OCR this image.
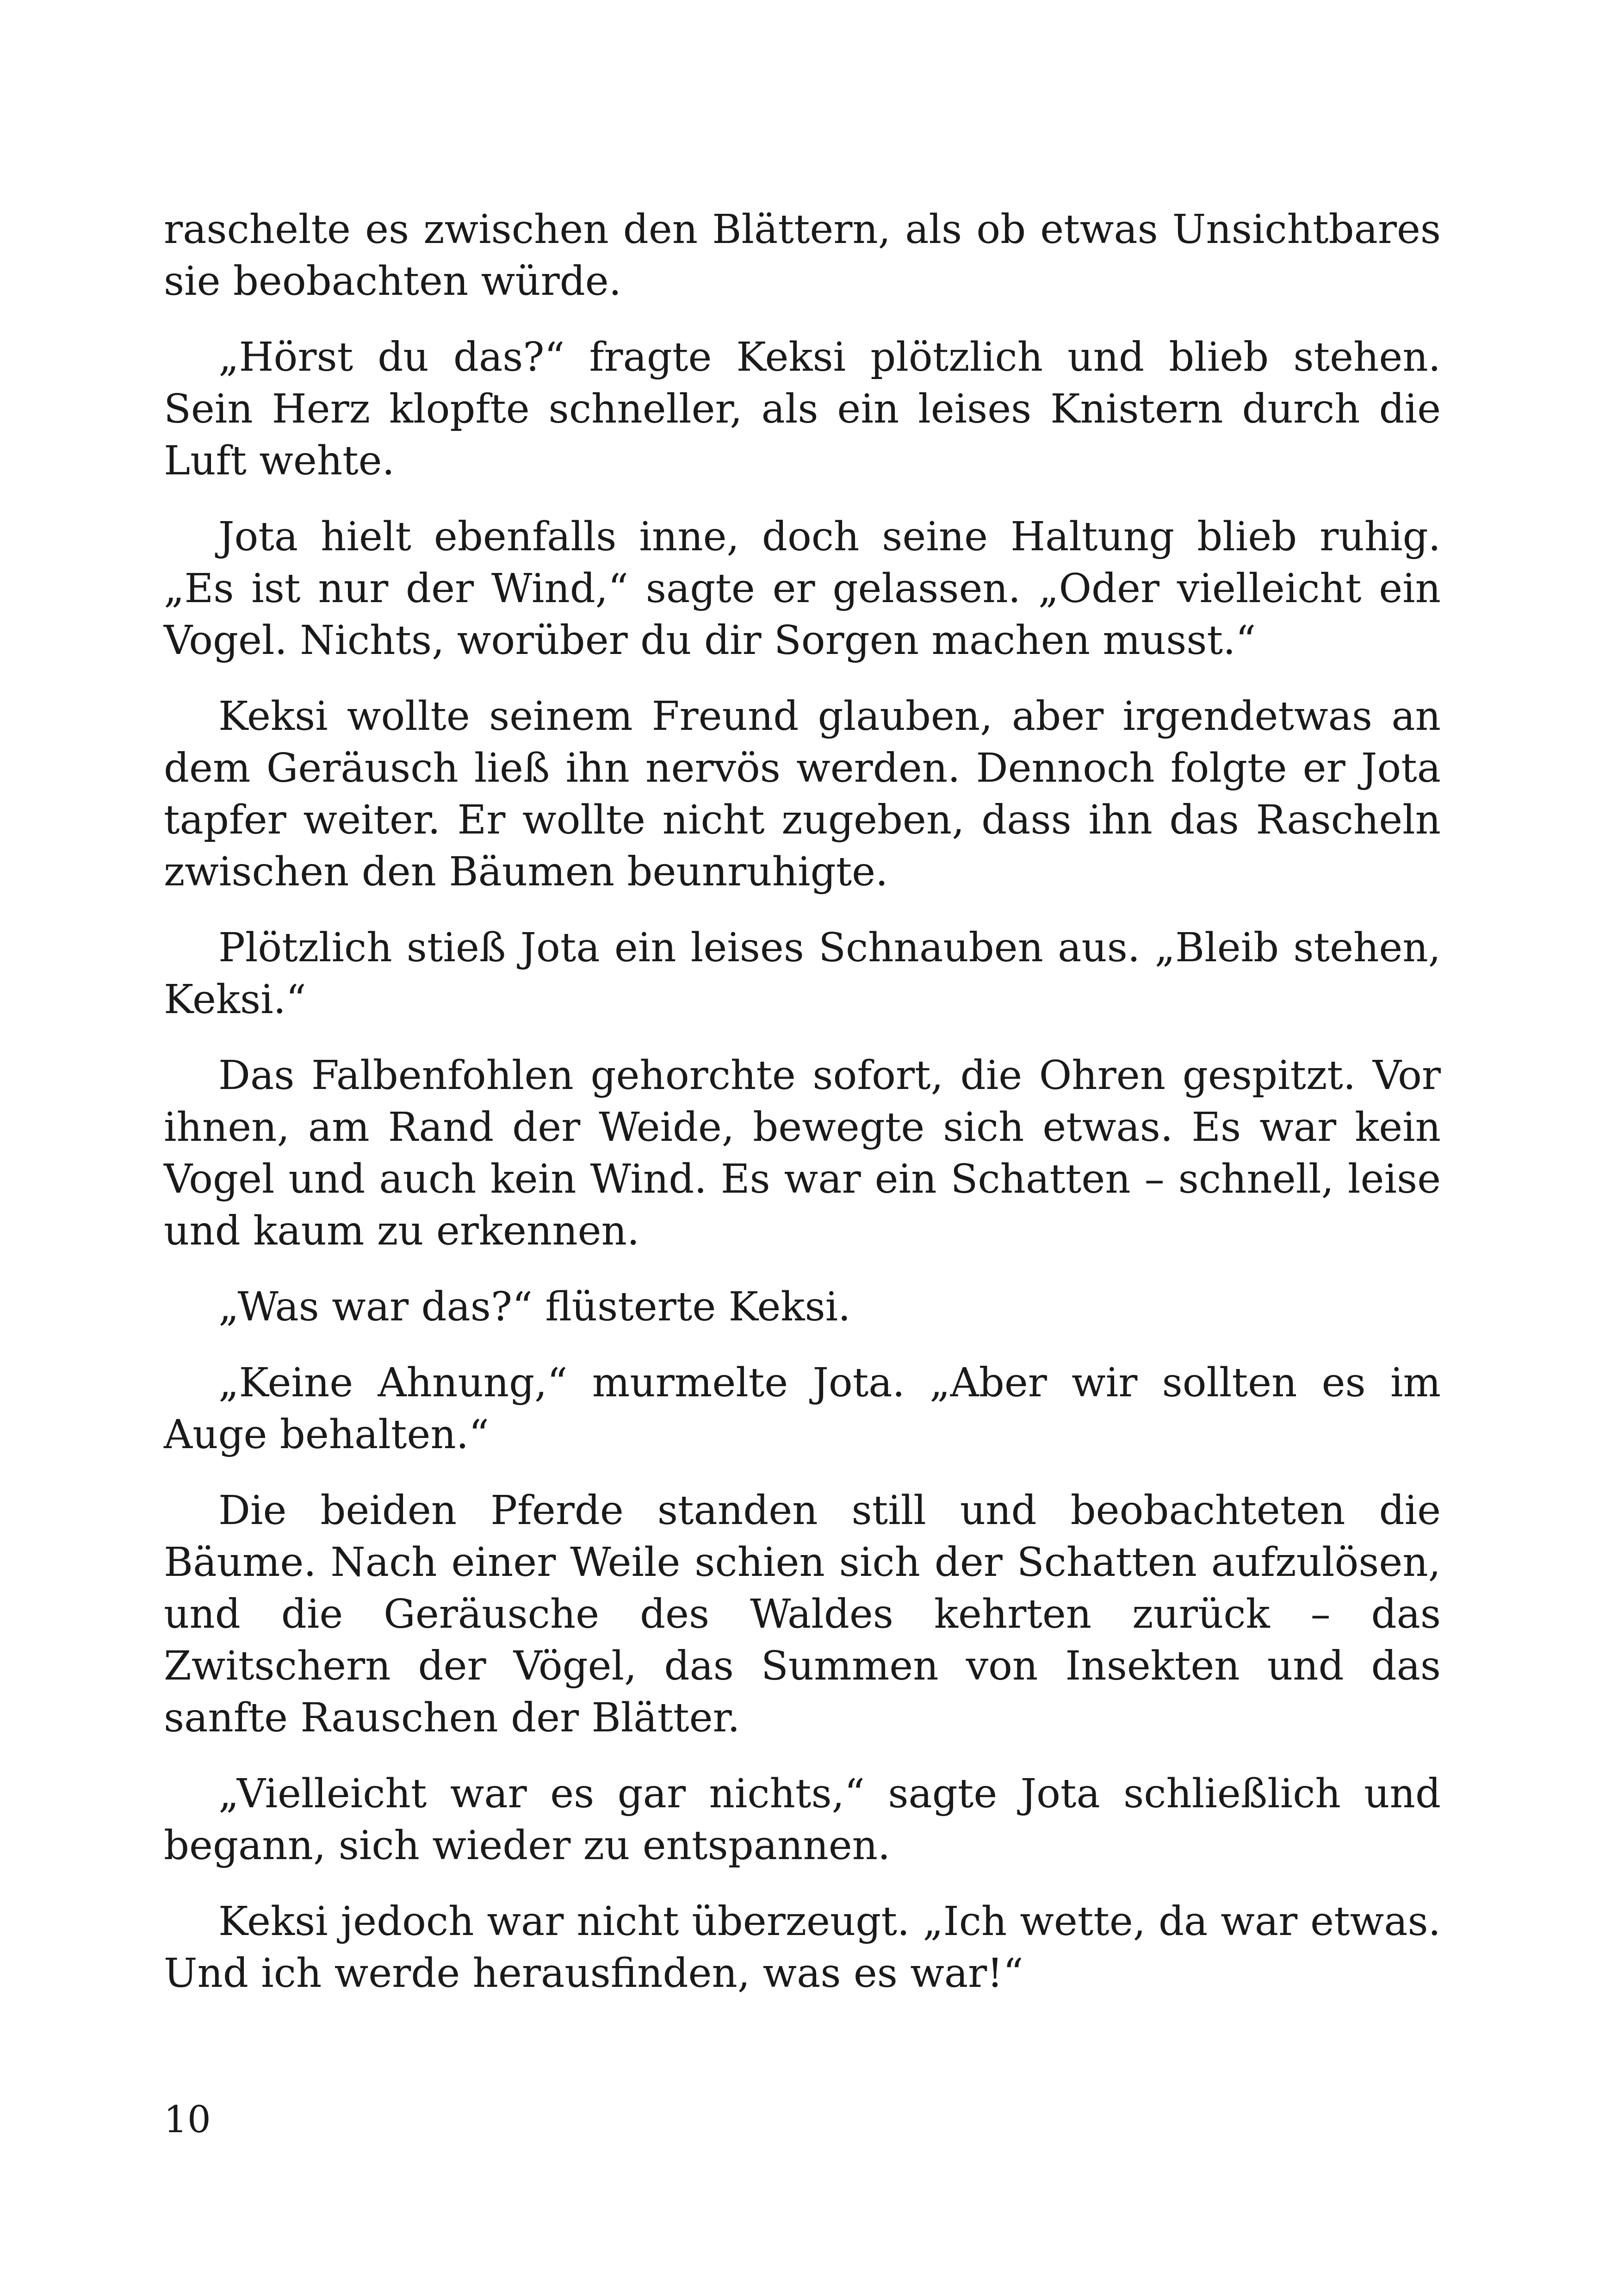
raschelte es zwischen den Blättern, als ob etwas Unsichtbares sie beobachten würde.

„Hörst du das?“ fragte Keksi plötzlich und blieb stehen. Sein Herz klopfte schneller, als ein leises Knistern durch die Luft wehte.

Jota hielt ebenfalls inne, doch seine Haltung blieb ruhig. „Es ist nur der Wind,“ sagte er gelassen. „Oder vielleicht ein Vogel. Nichts, worüber du dir Sorgen machen musst.“

Keksi wollte seinem Freund glauben, aber irgendetwas an dem Geräusch ließ ihn nervös werden. Dennoch folgte er Jota tapfer weiter. Er wollte nicht zugeben, dass ihn das Rascheln zwischen den Bäumen beunruhigte.

Plötzlich stieß Jota ein leises Schnauben aus. „Bleib stehen, Keksi.“

Das Falbenfohlen gehorchte sofort, die Ohren gespitzt. Vor ihnen, am Rand der Weide, bewegte sich etwas. Es war kein Vogel und auch kein Wind. Es war ein Schatten – schnell, leise und kaum zu erkennen.

„Was war das?“ flüsterte Keksi.

„Keine Ahnung,“ murmelte Jota. „Aber wir sollten es im Auge behalten.“

Die beiden Pferde standen still und beobachteten die Bäume. Nach einer Weile schien sich der Schatten aufzulösen, und die Geräusche des Waldes kehrten zurück – das Zwitschern der Vögel, das Summen von Insekten und das sanfte Rauschen der Blätter.

„Vielleicht war es gar nichts,“ sagte Jota schließlich und begann, sich wieder zu entspannen.

Keksi jedoch war nicht überzeugt. „Ich wette, da war etwas. Und ich werde herausfinden, was es war!“

10
